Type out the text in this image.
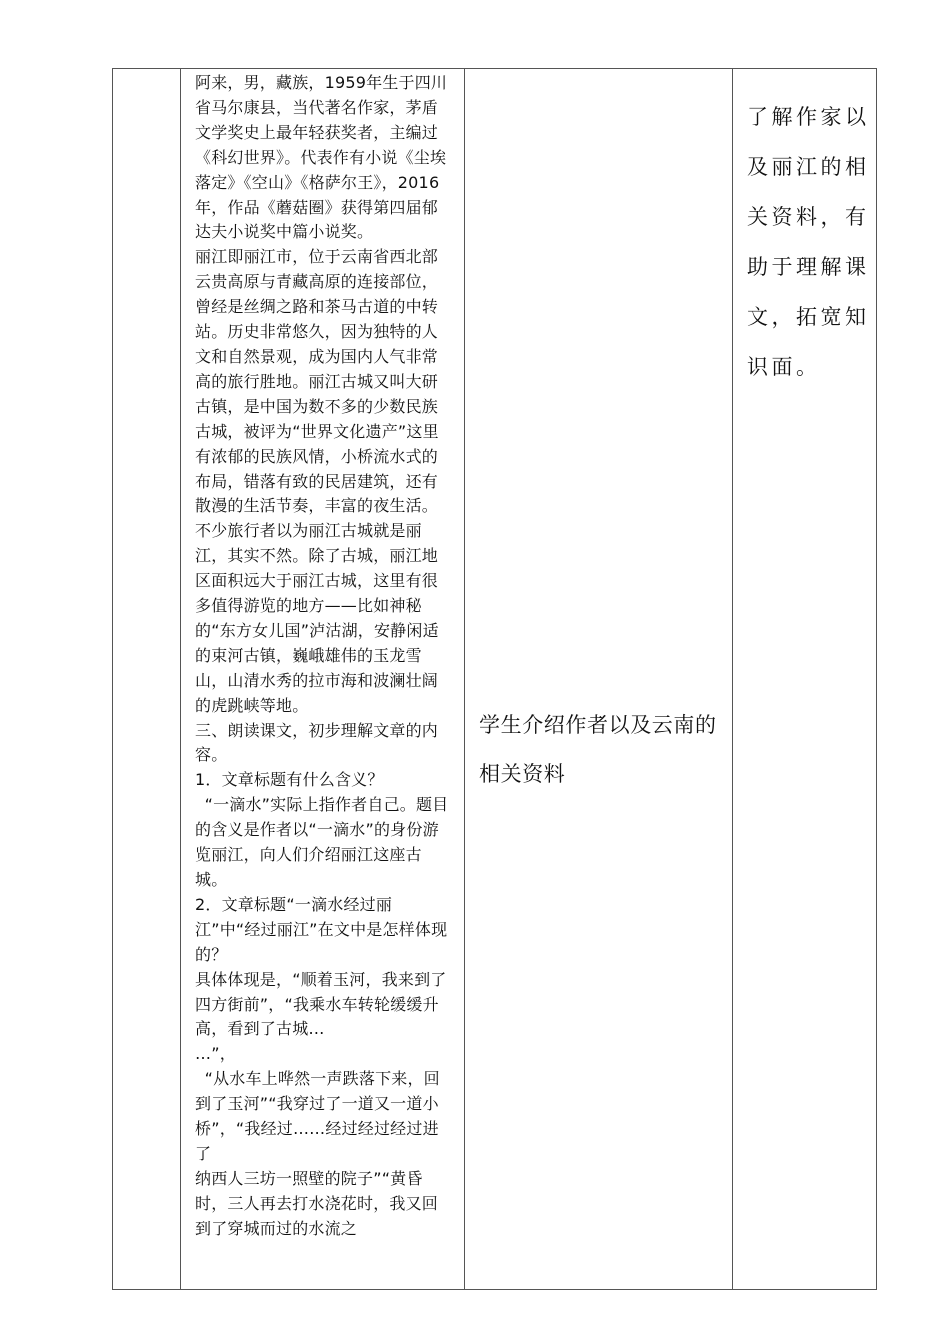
阿来，男，藏族，1959年生于四川省马尔康县，当代著名作家，茅盾文学奖史上最年轻获奖者，主编过《科幻世界》。代表作有小说《尘埃落定》《空山》《格萨尔王》，2016年，作品《蘑菇圈》获得第四届郁达夫小说奖中篇小说奖。

丽江即丽江市，位于云南省西北部云贵高原与青藏高原的连接部位，曾经是丝绸之路和茶马古道的中转站。历史非常悠久，因为独特的人文和自然景观，成为国内人气非常高的旅行胜地。丽江古城又叫大研古镇，是中国为数不多的少数民族古城，被评为“世界文化遗产”这里有浓郁的民族风情，小桥流水式的布局，错落有致的民居建筑，还有散漫的生活节奏，丰富的夜生活。

不少旅行者以为丽江古城就是丽江，其实不然。除了古城，丽江地区面积远大于丽江古城，这里有很多值得游览的地方——比如神秘的“东方女儿国”泸沽湖，安静闲适的束河古镇，巍峨雄伟的玉龙雪山，山清水秀的拉市海和波澜壮阔的虎跳峡等地。

三、朗读课文，初步理解文章的内容。

1．文章标题有什么含义？

“一滴水”实际上指作者自己。题目的含义是作者以“一滴水”的身份游览丽江，向人们介绍丽江这座古城。

2．文章标题“一滴水经过丽江”中“经过丽江”在文中是怎样体现的？

具体体现是，“顺着玉河，我来到了四方街前”，“我乘水车转轮缓缓升高，看到了古城…

…”，

“从水车上哗然一声跌落下来，回到了玉河”“我穿过了一道又一道小桥”，“我经过……经过经过经过进了

纳西人三坊一照壁的院子”“黄昏时，三人再去打水浇花时，我又回到了穿城而过的水流之

学生介绍作者以及云南的相关资料

了解作家以及丽江的相关资料，有助于理解课文，拓宽知识面。
